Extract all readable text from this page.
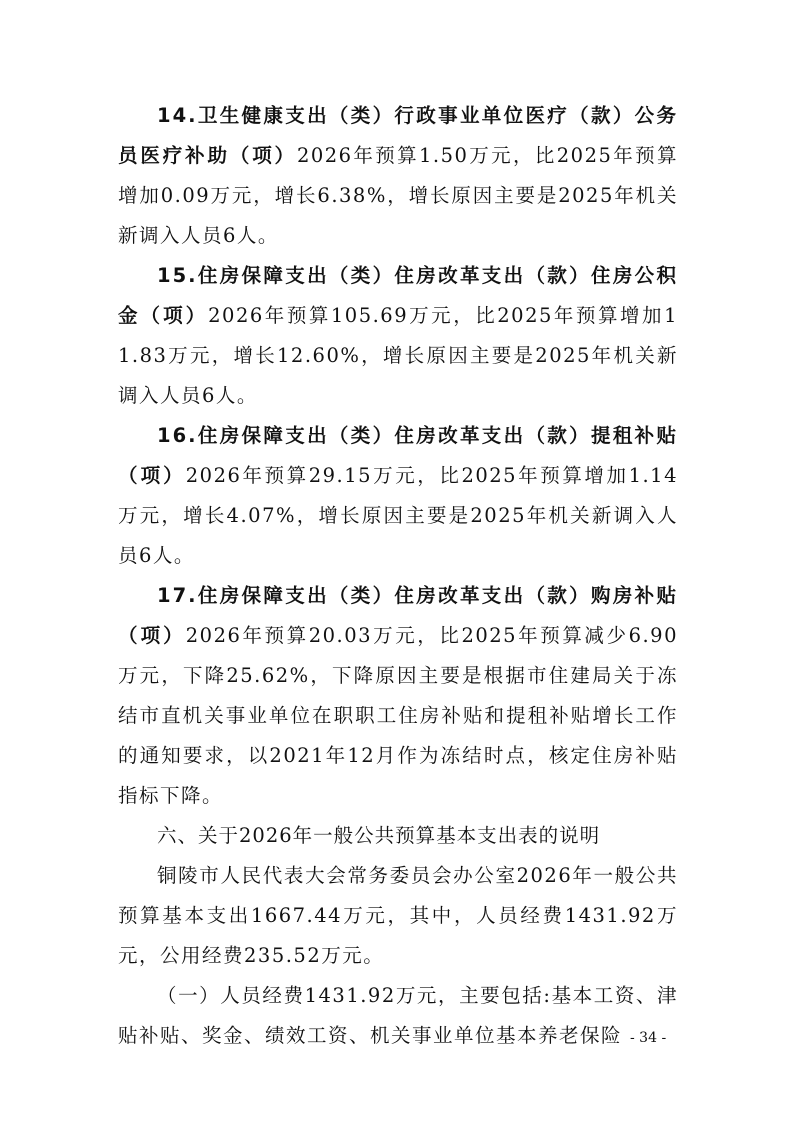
14.卫生健康支出（类）行政事业单位医疗（款）公务员医疗补助（项）2026年预算1.50万元，比2025年预算增加0.09万元，增长6.38%，增长原因主要是2025年机关新调入人员6人。

15.住房保障支出（类）住房改革支出（款）住房公积金（项）2026年预算105.69万元，比2025年预算增加11.83万元，增长12.60%，增长原因主要是2025年机关新调入人员6人。

16.住房保障支出（类）住房改革支出（款）提租补贴（项）2026年预算29.15万元，比2025年预算增加1.14万元，增长4.07%，增长原因主要是2025年机关新调入人员6人。

17.住房保障支出（类）住房改革支出（款）购房补贴（项）2026年预算20.03万元，比2025年预算减少6.90万元，下降25.62%，下降原因主要是根据市住建局关于冻结市直机关事业单位在职职工住房补贴和提租补贴增长工作的通知要求，以2021年12月作为冻结时点，核定住房补贴指标下降。

六、关于2026年一般公共预算基本支出表的说明

铜陵市人民代表大会常务委员会办公室2026年一般公共预算基本支出1667.44万元，其中，人员经费1431.92万元，公用经费235.52万元。

（一）人员经费1431.92万元，主要包括:基本工资、津贴补贴、奖金、绩效工资、机关事业单位基本养老保险 - 34 -
